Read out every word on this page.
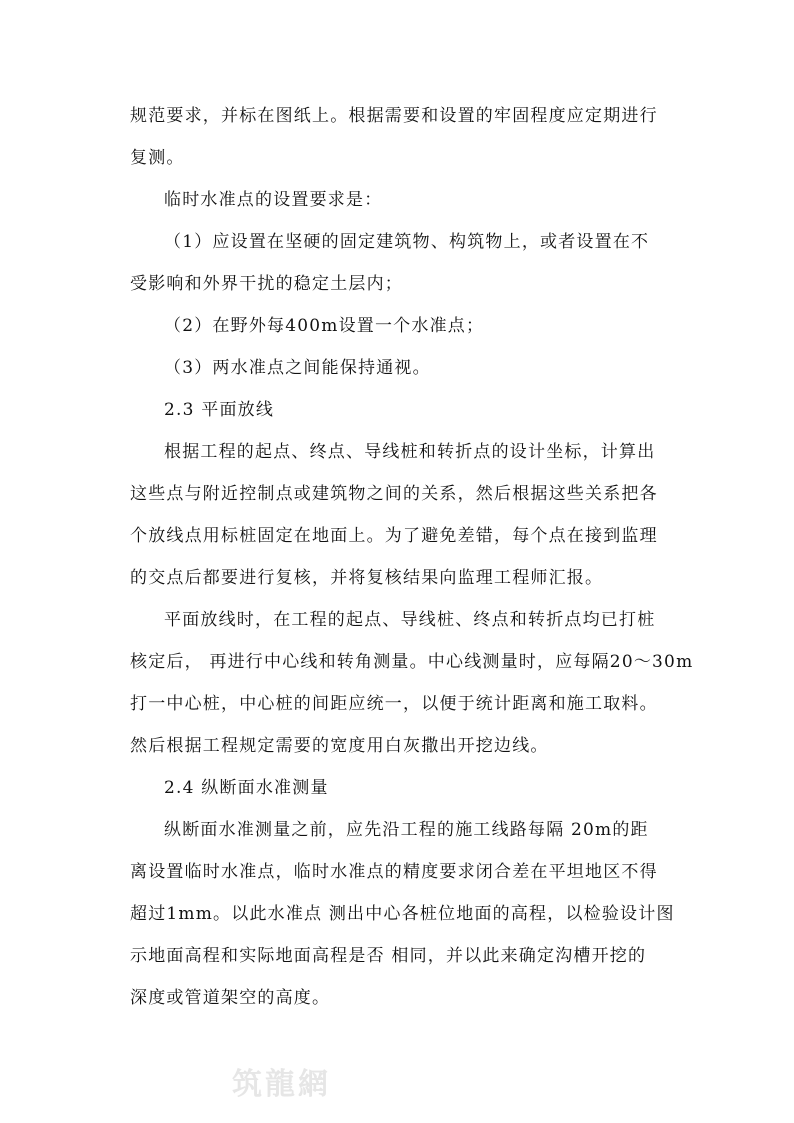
规范要求，并标在图纸上。根据需要和设置的牢固程度应定期进行
复测。
临时水准点的设置要求是：
（1）应设置在坚硬的固定建筑物、构筑物上，或者设置在不
受影响和外界干扰的稳定土层内；
（2）在野外每400m设置一个水准点；
（3）两水准点之间能保持通视。
2.3 平面放线
根据工程的起点、终点、导线桩和转折点的设计坐标，计算出
这些点与附近控制点或建筑物之间的关系，然后根据这些关系把各
个放线点用标桩固定在地面上。为了避免差错，每个点在接到监理
的交点后都要进行复核，并将复核结果向监理工程师汇报。
平面放线时，在工程的起点、导线桩、终点和转折点均已打桩
核定后， 再进行中心线和转角测量。中心线测量时，应每隔20～30m
打一中心桩，中心桩的间距应统一，以便于统计距离和施工取料。
然后根据工程规定需要的宽度用白灰撒出开挖边线。
2.4 纵断面水准测量
纵断面水准测量之前，应先沿工程的施工线路每隔 20m的距
离设置临时水准点，临时水准点的精度要求闭合差在平坦地区不得
超过1mm。以此水准点 测出中心各桩位地面的高程，以检验设计图
示地面高程和实际地面高程是否 相同，并以此来确定沟槽开挖的
深度或管道架空的高度。
筑龍網
